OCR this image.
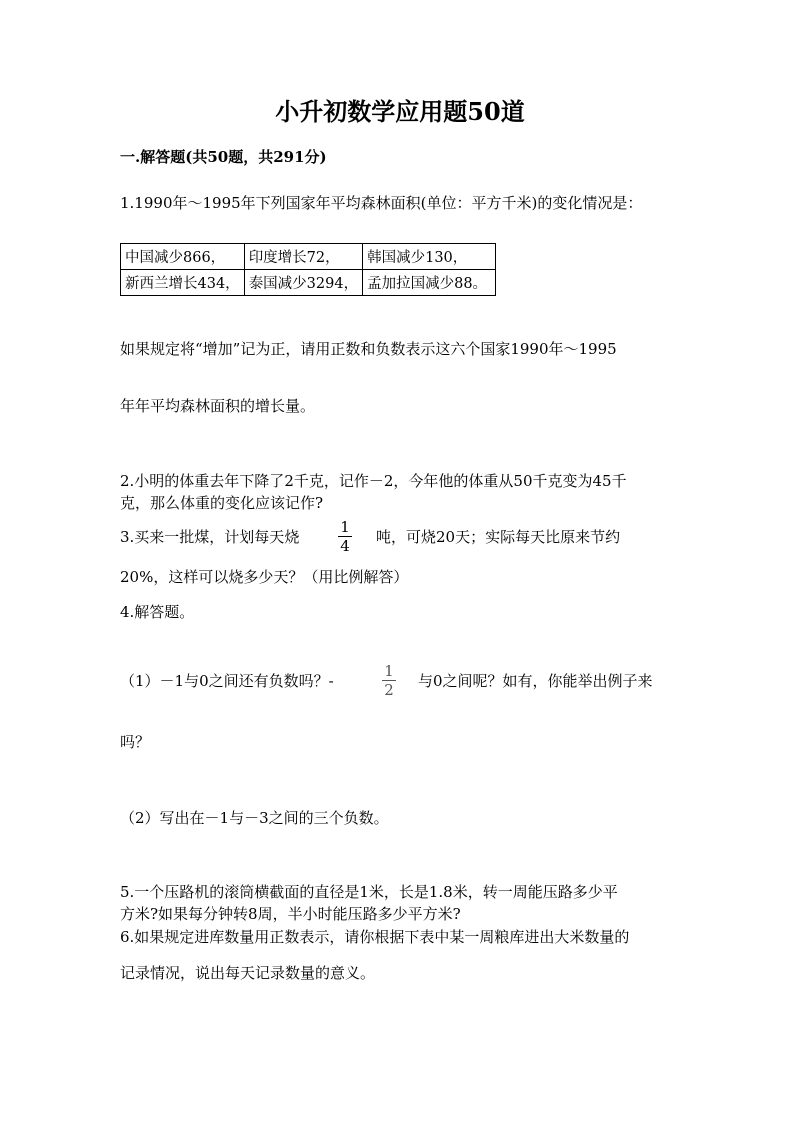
小升初数学应用题50道
一.解答题(共50题，共291分)
1.1990年～1995年下列国家年平均森林面积(单位：平方千米)的变化情况是：
中国减少866，	印度增长72，	韩国减少130，
新西兰增长434，	泰国减少3294，	孟加拉国减少88。
如果规定将“增加”记为正，请用正数和负数表示这六个国家1990年～1995
年年平均森林面积的增长量。
2.小明的体重去年下降了2千克，记作－2，今年他的体重从50千克变为45千
克，那么体重的变化应该记作?
3.买来一批煤，计划每天烧
1
4 吨，可烧20天；实际每天比原来节约
20%，这样可以烧多少天？（用比例解答）
4.解答题。
（1）－1与0之间还有负数吗？-
1
2 与0之间呢？如有，你能举出例子来
吗？
（2）写出在－1与－3之间的三个负数。
5.一个压路机的滚筒横截面的直径是1米，长是1.8米，转一周能压路多少平
方米?如果每分钟转8周，半小时能压路多少平方米?
6.如果规定进库数量用正数表示，请你根据下表中某一周粮库进出大米数量的
记录情况，说出每天记录数量的意义。
